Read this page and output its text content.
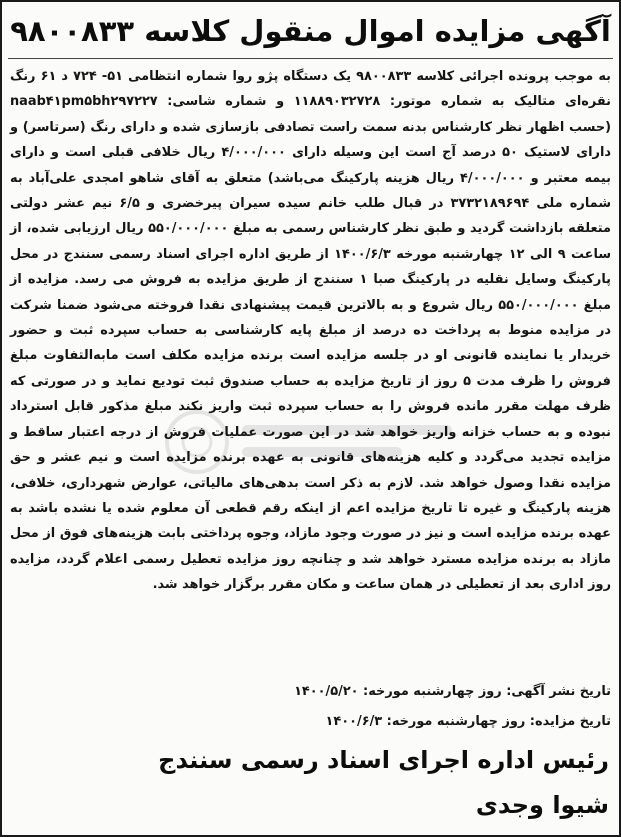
آگهی مزایده اموال منقول کلاسه ۹۸۰۰۸۳۳

به موجب پرونده اجرائی کلاسه ۹۸۰۰۸۳۳ یک دستگاه پژو روا شماره انتظامی ۵۱- ۷۲۴ د ۶۱ رنگ نقره‌ای متالیک به شماره موتور: ۱۱۸۸۹۰۳۲۷۲۸ و شماره شاسی: naab۴۱pm۵bh۲۹۷۲۲۷ (حسب اظهار نظر کارشناس بدنه سمت راست تصادفی بازسازی شده و دارای رنگ (سرتاسر) و دارای لاستیک ۵۰ درصد آج است این وسیله دارای ۴/۰۰۰/۰۰۰ ریال خلافی قبلی است و دارای بیمه معتبر و ۴/۰۰۰/۰۰۰ ریال هزینه پارکینگ می‌باشد) متعلق به آقای شاهو امجدی علی‌آباد به شماره ملی ۳۷۳۲۱۸۹۶۹۴ در قبال طلب خانم سیده سیران پیرخضری و ۶/۵ نیم عشر دولتی متعلقه بازداشت گردید و طبق نظر کارشناس رسمی به مبلغ ۵۵۰/۰۰۰/۰۰۰ ریال ارزیابی شده، از ساعت ۹ الی ۱۲ چهارشنبه مورخه ۱۴۰۰/۶/۳ از طریق اداره اجرای اسناد رسمی سنندج در محل پارکینگ وسایل نقلیه در پارکینگ صبا ۱ سنندج از طریق مزایده به فروش می رسد. مزایده از مبلغ ۵۵۰/۰۰۰/۰۰۰ ریال شروع و به بالاترین قیمت پیشنهادی نقدا فروخته می‌شود ضمنا شرکت در مزایده منوط به پرداخت ده درصد از مبلغ پایه کارشناسی به حساب سپرده ثبت و حضور خریدار یا نماینده قانونی او در جلسه مزایده است برنده مزایده مکلف است مابه‌التفاوت مبلغ فروش را ظرف مدت ۵ روز از تاریخ مزایده به حساب صندوق ثبت تودیع نماید و در صورتی که ظرف مهلت مقرر مانده فروش را به حساب سپرده ثبت واریز نکند مبلغ مذکور قابل استرداد نبوده و به حساب خزانه واریز خواهد شد در این صورت عملیات فروش از درجه اعتبار ساقط و مزایده تجدید می‌گردد و کلیه هزینه‌های قانونی به عهده برنده مزایده است و نیم عشر و حق مزایده نقدا وصول خواهد شد. لازم به ذکر است بدهی‌های مالیاتی، عوارض شهرداری، خلافی، هزینه پارکینگ و غیره تا تاریخ مزایده اعم از اینکه رقم قطعی آن معلوم شده یا نشده باشد به عهده برنده مزایده است و نیز در صورت وجود مازاد، وجوه پرداختی بابت هزینه‌های فوق از محل مازاد به برنده مزایده مسترد خواهد شد و چنانچه روز مزایده تعطیل رسمی اعلام گردد، مزایده روز اداری بعد از تعطیلی در همان ساعت و مکان مقرر برگزار خواهد شد.

تاریخ نشر آگهی: روز چهارشنبه مورخه: ۱۴۰۰/۵/۲۰
تاریخ مزایده: روز چهارشنبه مورخه: ۱۴۰۰/۶/۳
رئیس اداره اجرای اسناد رسمی سنندج
شیوا وجدی
